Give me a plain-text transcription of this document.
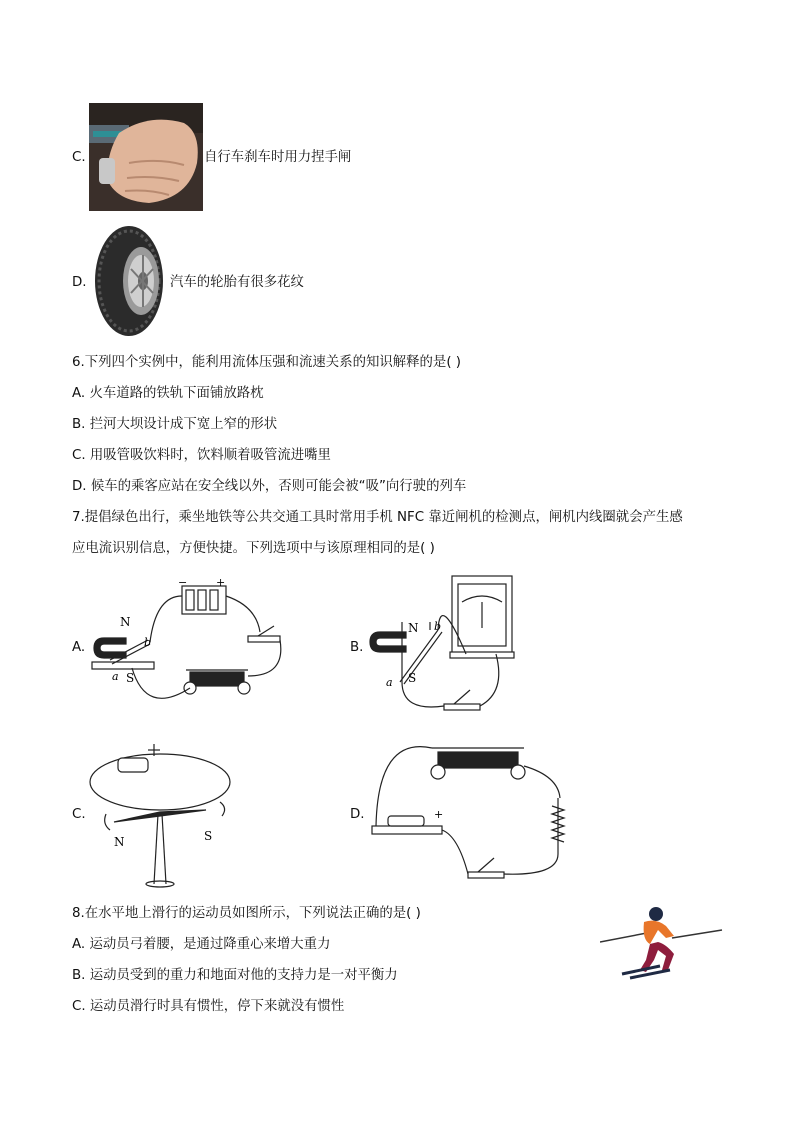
C.	自行车刹车时用力捏手闸
D.	汽车的轮胎有很多花纹
6.下列四个实例中，能利用流体压强和流速关系的知识解释的是( )
A. 火车道路的铁轨下面铺放路枕
B. 拦河大坝设计成下宽上窄的形状
C. 用吸管吸饮料时，饮料顺着吸管流进嘴里
D. 候车的乘客应站在安全线以外，否则可能会被“吸”向行驶的列车
7.提倡绿色出行，乘坐地铁等公共交通工具时常用手机 NFC 靠近闸机的检测点，闸机内线圈就会产生感
应电流识别信息，方便快捷。下列选项中与该原理相同的是( )
A.
N
S
a
b
−	+
B.
N
S
a
b
C.
N	S
D.	+
8.在水平地上滑行的运动员如图所示，下列说法正确的是( )
A. 运动员弓着腰，是通过降重心来增大重力
B. 运动员受到的重力和地面对他的支持力是一对平衡力
C. 运动员滑行时具有惯性，停下来就没有惯性
